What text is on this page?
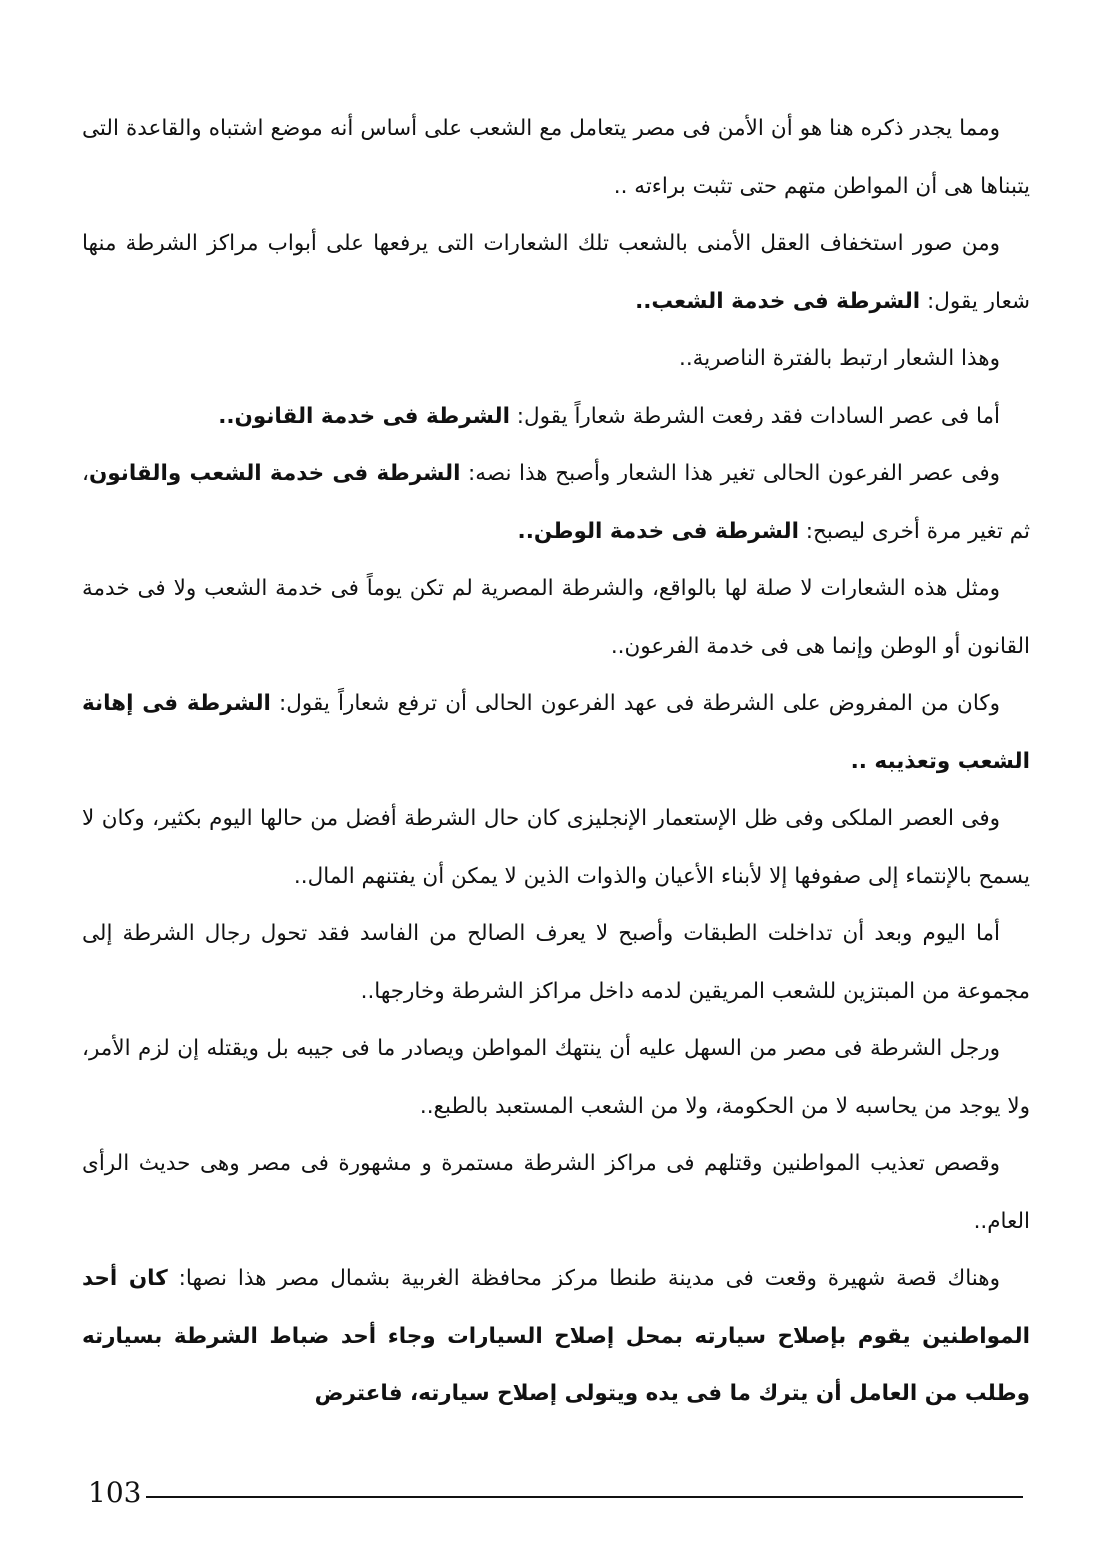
ومما يجدر ذكره هنا هو أن الأمن فى مصر يتعامل مع الشعب على أساس أنه موضع اشتباه والقاعدة التى يتبناها هى أن المواطن متهم حتى تثبت براءته ..

ومن صور استخفاف العقل الأمنى بالشعب تلك الشعارات التى يرفعها على أبواب مراكز الشرطة منها شعار يقول: الشرطة فى خدمة الشعب..

وهذا الشعار ارتبط بالفترة الناصرية..

أما فى عصر السادات فقد رفعت الشرطة شعاراً يقول: الشرطة فى خدمة القانون..

وفى عصر الفرعون الحالى تغير هذا الشعار وأصبح هذا نصه: الشرطة فى خدمة الشعب والقانون، ثم تغير مرة أخرى ليصبح: الشرطة فى خدمة الوطن..

ومثل هذه الشعارات لا صلة لها بالواقع، والشرطة المصرية لم تكن يوماً فى خدمة الشعب ولا فى خدمة القانون أو الوطن وإنما هى فى خدمة الفرعون..

وكان من المفروض على الشرطة فى عهد الفرعون الحالى أن ترفع شعاراً يقول: الشرطة فى إهانة الشعب وتعذيبه ..

وفى العصر الملكى وفى ظل الإستعمار الإنجليزى كان حال الشرطة أفضل من حالها اليوم بكثير، وكان لا يسمح بالإنتماء إلى صفوفها إلا لأبناء الأعيان والذوات الذين لا يمكن أن يفتنهم المال..

أما اليوم وبعد أن تداخلت الطبقات وأصبح لا يعرف الصالح من الفاسد فقد تحول رجال الشرطة إلى مجموعة من المبتزين للشعب المريقين لدمه داخل مراكز الشرطة وخارجها..

ورجل الشرطة فى مصر من السهل عليه أن ينتهك المواطن ويصادر ما فى جيبه بل ويقتله إن لزم الأمر، ولا يوجد من يحاسبه لا من الحكومة، ولا من الشعب المستعبد بالطبع..

وقصص تعذيب المواطنين وقتلهم فى مراكز الشرطة مستمرة و مشهورة فى مصر وهى حديث الرأى العام..

وهناك قصة شهيرة وقعت فى مدينة طنطا مركز محافظة الغربية بشمال مصر هذا نصها: كان أحد المواطنين يقوم بإصلاح سيارته بمحل إصلاح السيارات وجاء أحد ضباط الشرطة بسيارته وطلب من العامل أن يترك ما فى يده ويتولى إصلاح سيارته، فاعترض

103
